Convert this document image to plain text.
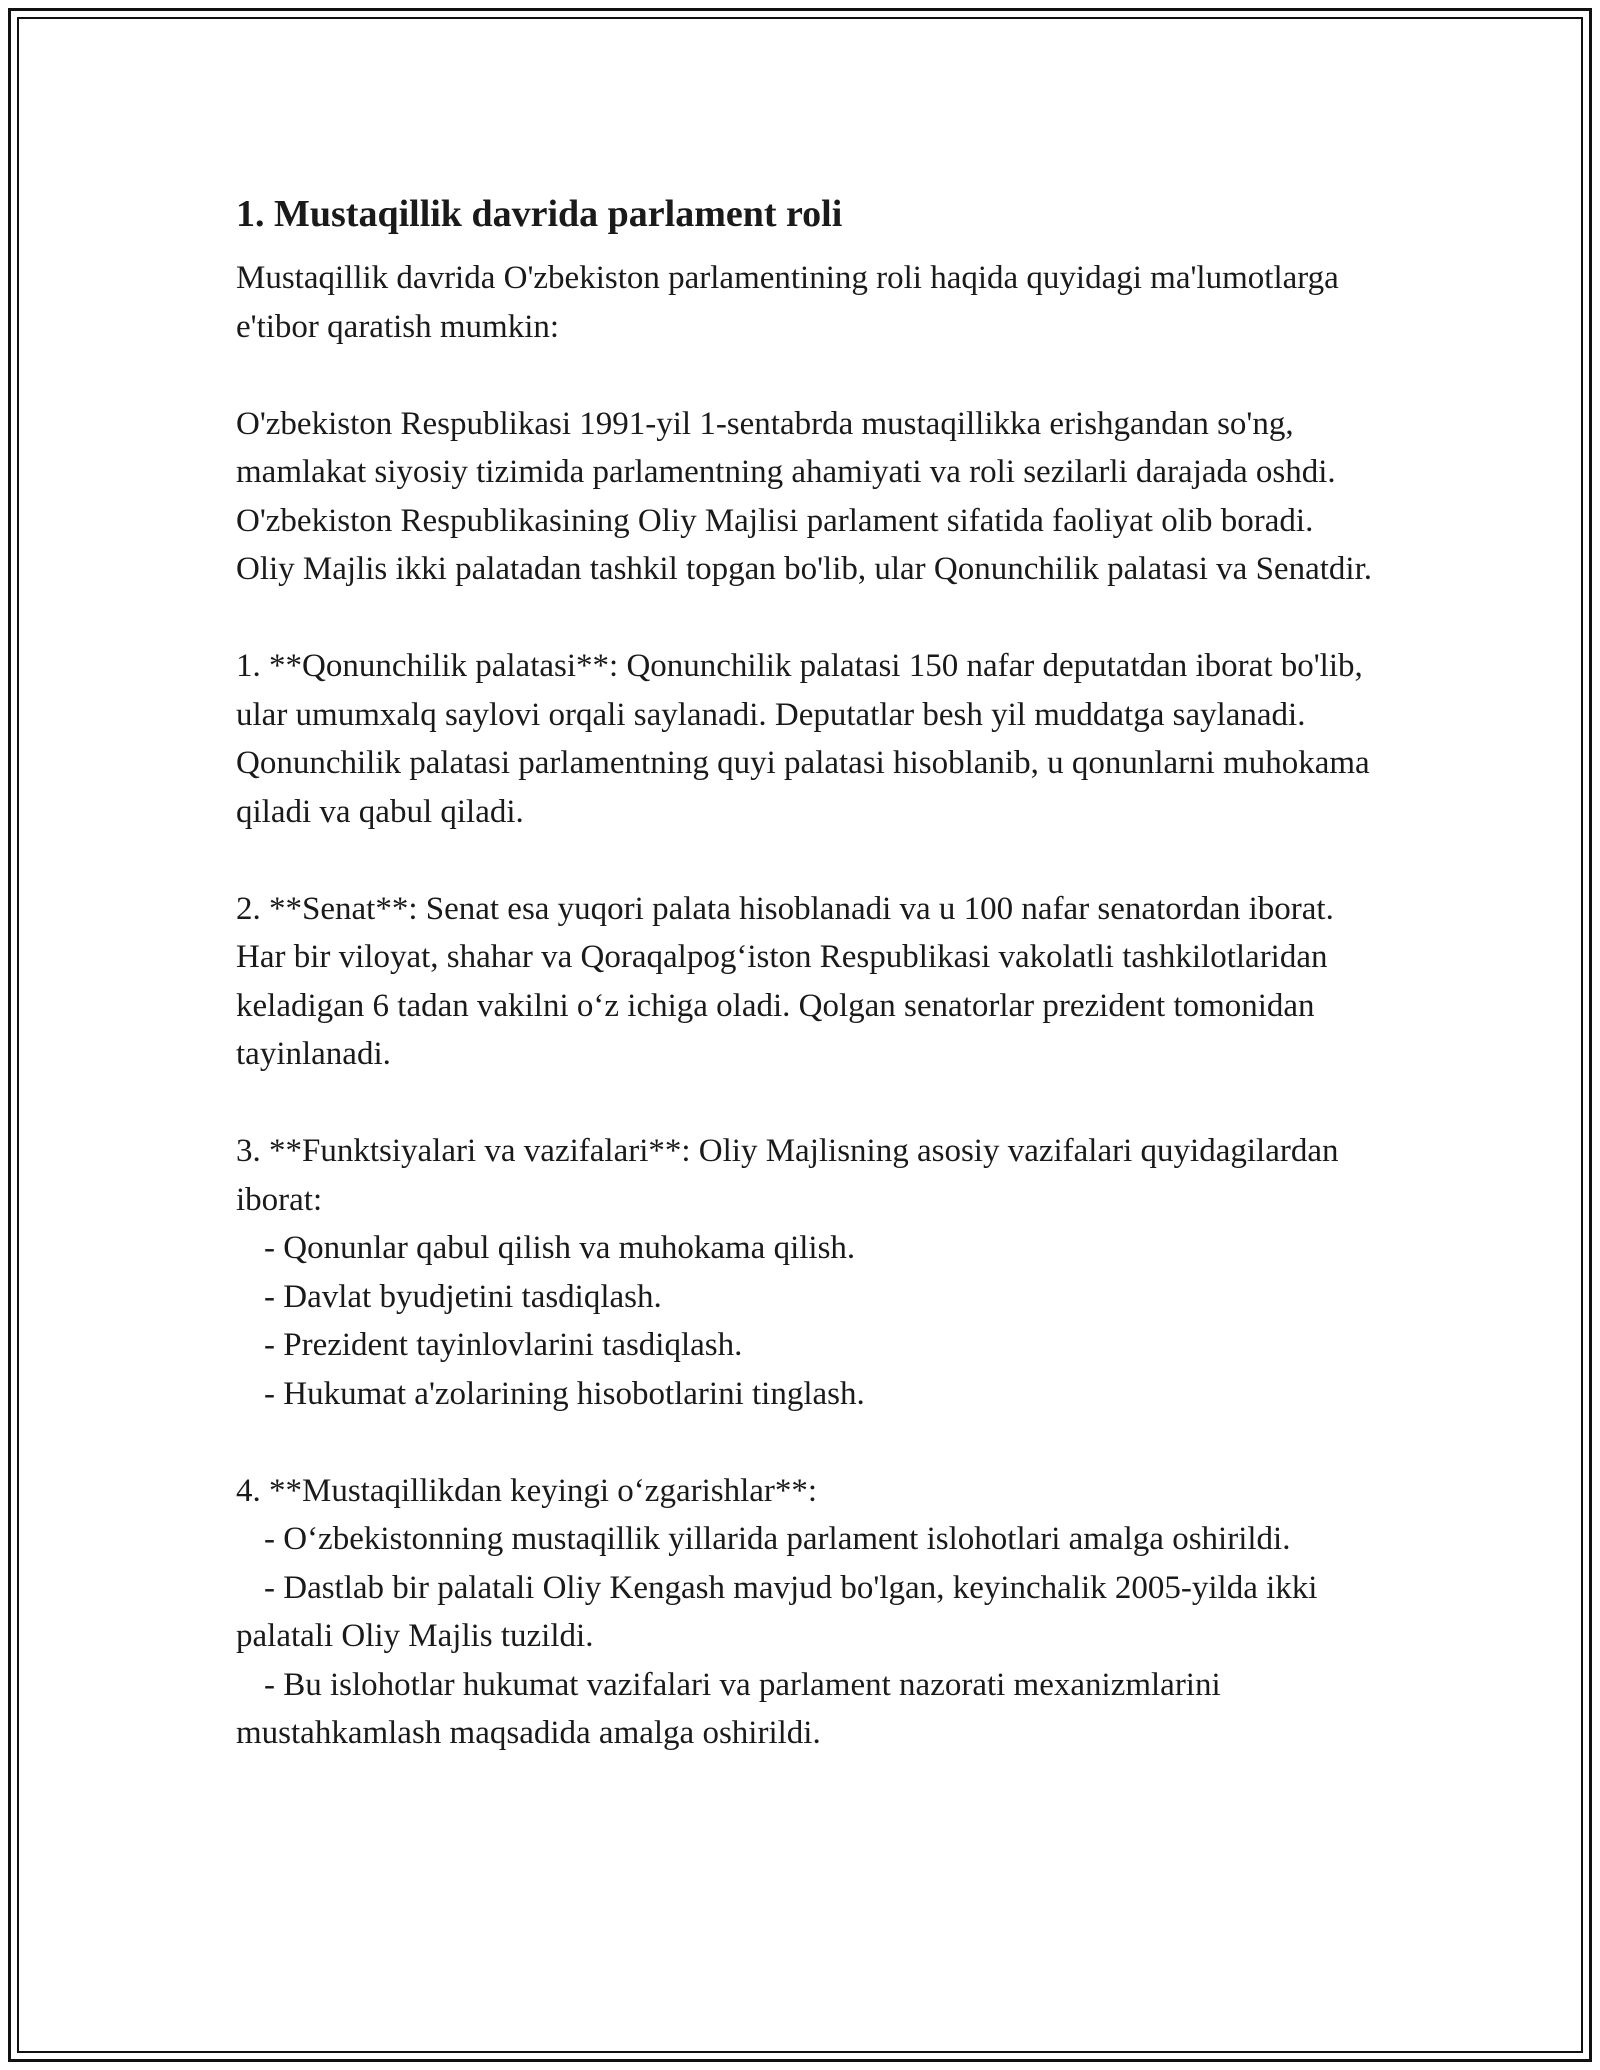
1. Mustaqillik davrida parlament roli

Mustaqillik davrida O'zbekiston parlamentining roli haqida quyidagi ma'lumotlarga e'tibor qaratish mumkin:

O'zbekiston Respublikasi 1991-yil 1-sentabrda mustaqillikka erishgandan so'ng, mamlakat siyosiy tizimida parlamentning ahamiyati va roli sezilarli darajada oshdi. O'zbekiston Respublikasining Oliy Majlisi parlament sifatida faoliyat olib boradi. Oliy Majlis ikki palatadan tashkil topgan bo'lib, ular Qonunchilik palatasi va Senatdir.

1. **Qonunchilik palatasi**: Qonunchilik palatasi 150 nafar deputatdan iborat bo'lib, ular umumxalq saylovi orqali saylanadi. Deputatlar besh yil muddatga saylanadi. Qonunchilik palatasi parlamentning quyi palatasi hisoblanib, u qonunlarni muhokama qiladi va qabul qiladi.

2. **Senat**: Senat esa yuqori palata hisoblanadi va u 100 nafar senatordan iborat. Har bir viloyat, shahar va Qoraqalpog‘iston Respublikasi vakolatli tashkilotlaridan keladigan 6 tadan vakilni o‘z ichiga oladi. Qolgan senatorlar prezident tomonidan tayinlanadi.

3. **Funktsiyalari va vazifalari**: Oliy Majlisning asosiy vazifalari quyidagilardan iborat:

- Qonunlar qabul qilish va muhokama qilish.

- Davlat byudjetini tasdiqlash.

- Prezident tayinlovlarini tasdiqlash.

- Hukumat a'zolarining hisobotlarini tinglash.

4. **Mustaqillikdan keyingi o‘zgarishlar**:

- O‘zbekistonning mustaqillik yillarida parlament islohotlari amalga oshirildi.

- Dastlab bir palatali Oliy Kengash mavjud bo'lgan, keyinchalik 2005-yilda ikki palatali Oliy Majlis tuzildi.

- Bu islohotlar hukumat vazifalari va parlament nazorati mexanizmlarini mustahkamlash maqsadida amalga oshirildi.
